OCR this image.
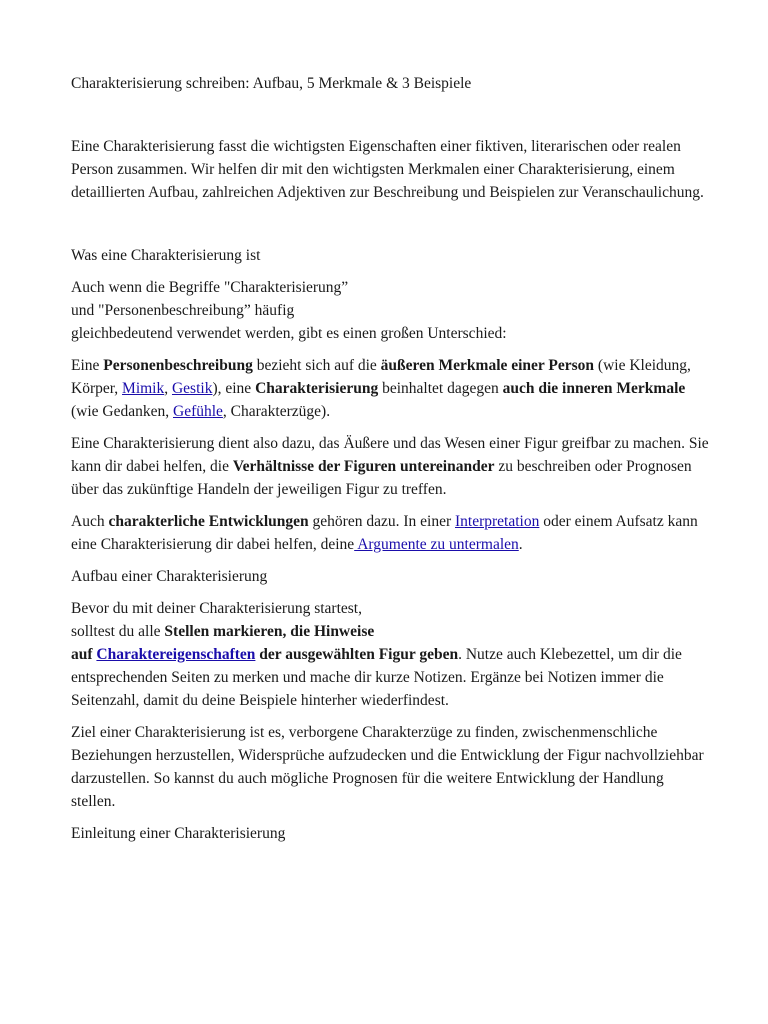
Charakterisierung schreiben: Aufbau, 5 Merkmale & 3 Beispiele

Eine Charakterisierung fasst die wichtigsten Eigenschaften einer fiktiven, literarischen oder realen Person zusammen. Wir helfen dir mit den wichtigsten Merkmalen einer Charakterisierung, einem detaillierten Aufbau, zahlreichen Adjektiven zur Beschreibung und Beispielen zur Veranschaulichung.

Was eine Charakterisierung ist

Auch wenn die Begriffe "Charakterisierung”
und "Personenbeschreibung” häufig
gleichbedeutend verwendet werden, gibt es einen großen Unterschied:

Eine Personenbeschreibung bezieht sich auf die äußeren Merkmale einer Person (wie Kleidung, Körper, Mimik, Gestik), eine Charakterisierung beinhaltet dagegen auch die inneren Merkmale (wie Gedanken, Gefühle, Charakterzüge).

Eine Charakterisierung dient also dazu, das Äußere und das Wesen einer Figur greifbar zu machen. Sie kann dir dabei helfen, die Verhältnisse der Figuren untereinander zu beschreiben oder Prognosen über das zukünftige Handeln der jeweiligen Figur zu treffen.

Auch charakterliche Entwicklungen gehören dazu. In einer Interpretation oder einem Aufsatz kann eine Charakterisierung dir dabei helfen, deine Argumente zu untermalen.

Aufbau einer Charakterisierung

Bevor du mit deiner Charakterisierung startest,
solltest du alle Stellen markieren, die Hinweise
auf Charaktereigenschaften der ausgewählten Figur geben. Nutze auch Klebezettel, um dir die entsprechenden Seiten zu merken und mache dir kurze Notizen. Ergänze bei Notizen immer die Seitenzahl, damit du deine Beispiele hinterher wiederfindest.

Ziel einer Charakterisierung ist es, verborgene Charakterzüge zu finden, zwischenmenschliche Beziehungen herzustellen, Widersprüche aufzudecken und die Entwicklung der Figur nachvollziehbar darzustellen. So kannst du auch mögliche Prognosen für die weitere Entwicklung der Handlung stellen.

Einleitung einer Charakterisierung
